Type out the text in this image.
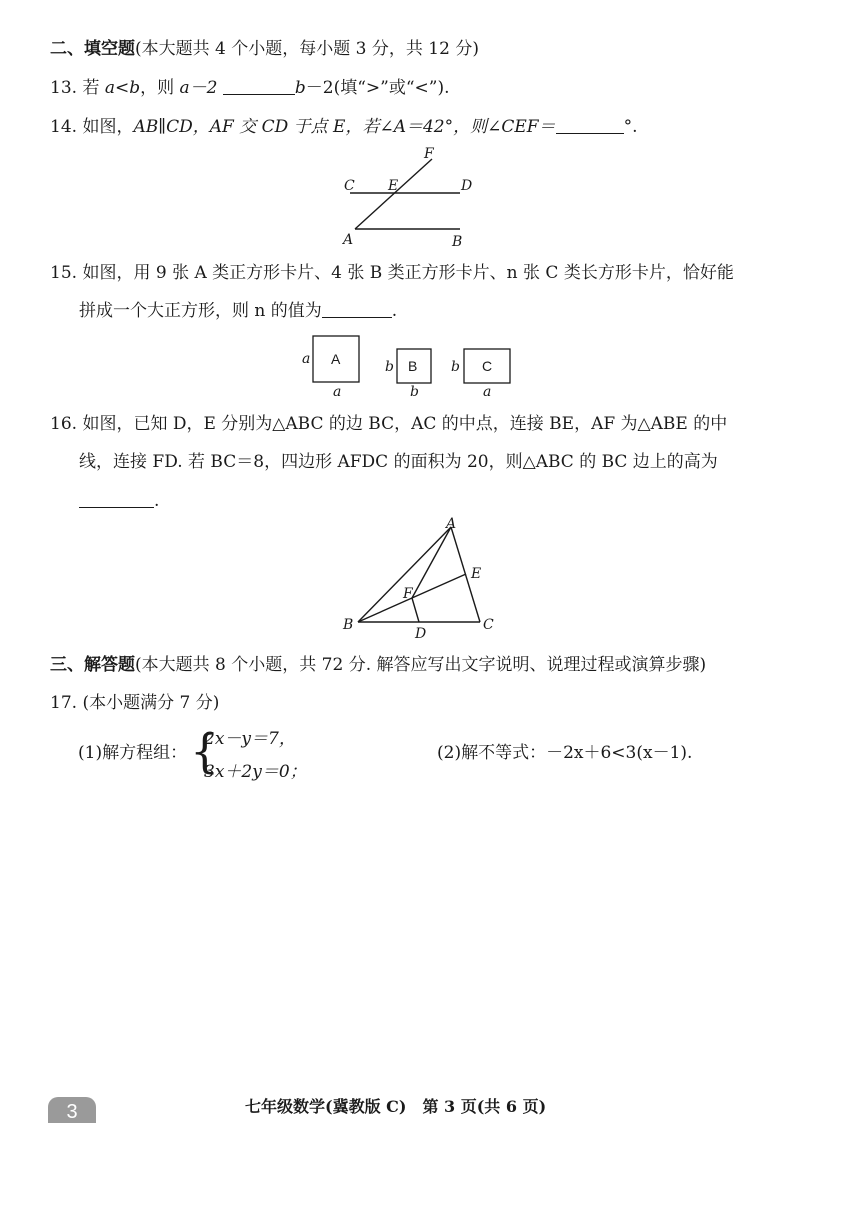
二、填空题(本大题共 4 个小题，每小题 3 分，共 12 分)
13. 若 a<b，则 a－2	b－2(填“>”或“<”).
14. 如图，AB∥CD，AF 交 CD 于点 E，若∠A＝42°，则∠CEF＝	°.
F
C E	D
A	B
15. 如图，用 9 张 A 类正方形卡片、4 张 B 类正方形卡片、n 张 C 类长方形卡片，恰好能
拼成一个大正方形，则 n 的值为	.
A
a
a
B
b
b
C
b
a
16. 如图，已知 D，E 分别为△ABC 的边 BC，AC 的中点，连接 BE，AF 为△ABE 的中
线，连接 FD. 若 BC＝8，四边形 AFDC 的面积为 20，则△ABC 的 BC 边上的高为
.
A
E
F
B
D
C
三、解答题(本大题共 8 个小题，共 72 分. 解答应写出文字说明、说理过程或演算步骤)
17. (本小题满分 7 分)
(1)解方程组： {
2x－y＝7，
3x＋2y＝0；
(2)解不等式：－2x＋6<3(x－1).
3	七年级数学(冀教版 C)　第 3 页(共 6 页)
